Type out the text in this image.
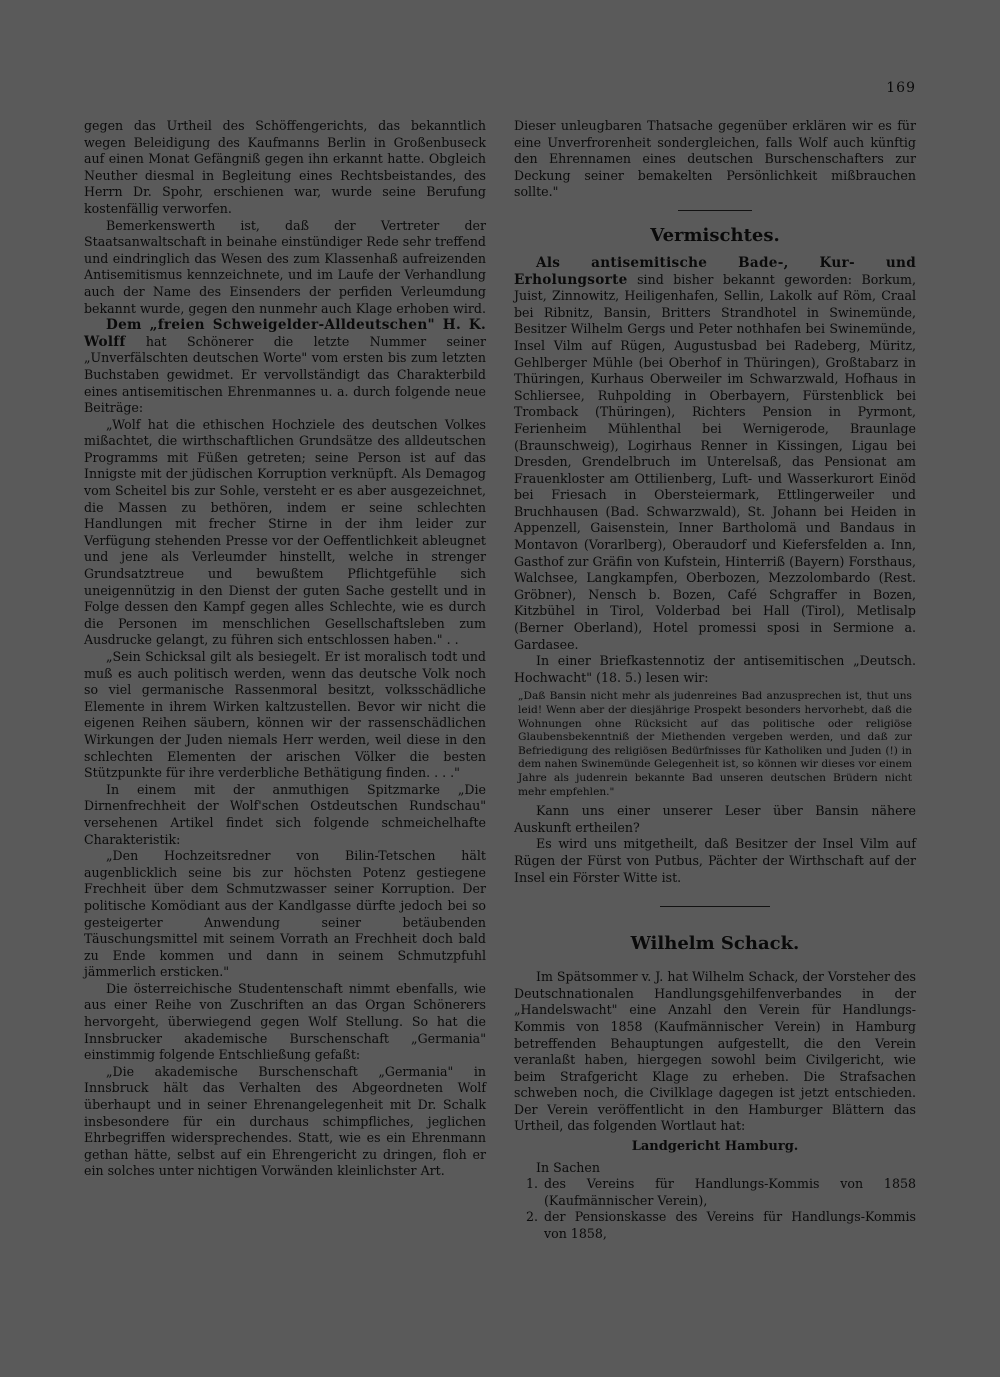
169

gegen das Urtheil des Schöffengerichts, das bekanntlich wegen Beleidigung des Kaufmanns Berlin in Großenbuseck auf einen Monat Gefängniß gegen ihn erkannt hatte. Obgleich Neuther diesmal in Begleitung eines Rechtsbeistandes, des Herrn Dr. Spohr, erschienen war, wurde seine Berufung kostenfällig verworfen.

Bemerkenswerth ist, daß der Vertreter der Staatsanwaltschaft in beinahe einstündiger Rede sehr treffend und eindringlich das Wesen des zum Klassenhaß aufreizenden Antisemitismus kennzeichnete, und im Laufe der Verhandlung auch der Name des Einsenders der perfiden Verleumdung bekannt wurde, gegen den nunmehr auch Klage erhoben wird.

Dem „freien Schweigelder-Alldeutschen" H. K. Wolff hat Schönerer die letzte Nummer seiner „Unverfälschten deutschen Worte" vom ersten bis zum letzten Buchstaben gewidmet. Er vervollständigt das Charakterbild eines antisemitischen Ehrenmannes u. a. durch folgende neue Beiträge:

„Wolf hat die ethischen Hochziele des deutschen Volkes mißachtet, die wirthschaftlichen Grundsätze des alldeutschen Programms mit Füßen getreten; seine Person ist auf das Innigste mit der jüdischen Korruption verknüpft. Als Demagog vom Scheitel bis zur Sohle, versteht er es aber ausgezeichnet, die Massen zu bethören, indem er seine schlechten Handlungen mit frecher Stirne in der ihm leider zur Verfügung stehenden Presse vor der Oeffentlichkeit ableugnet und jene als Verleumder hinstellt, welche in strenger Grundsatztreue und bewußtem Pflichtgefühle sich uneigennützig in den Dienst der guten Sache gestellt und in Folge dessen den Kampf gegen alles Schlechte, wie es durch die Personen im menschlichen Gesellschaftsleben zum Ausdrucke gelangt, zu führen sich entschlossen haben." . .

„Sein Schicksal gilt als besiegelt. Er ist moralisch todt und muß es auch politisch werden, wenn das deutsche Volk noch so viel germanische Rassenmoral besitzt, volksschädliche Elemente in ihrem Wirken kaltzustellen. Bevor wir nicht die eigenen Reihen säubern, können wir der rassenschädlichen Wirkungen der Juden niemals Herr werden, weil diese in den schlechten Elementen der arischen Völker die besten Stützpunkte für ihre verderbliche Bethätigung finden. . . ."

In einem mit der anmuthigen Spitzmarke „Die Dirnenfrechheit der Wolf'schen Ostdeutschen Rundschau" versehenen Artikel findet sich folgende schmeichelhafte Charakteristik:

„Den Hochzeitsredner von Bilin-Tetschen hält augenblicklich seine bis zur höchsten Potenz gestiegene Frechheit über dem Schmutzwasser seiner Korruption. Der politische Komödiant aus der Kandlgasse dürfte jedoch bei so gesteigerter Anwendung seiner betäubenden Täuschungsmittel mit seinem Vorrath an Frechheit doch bald zu Ende kommen und dann in seinem Schmutzpfuhl jämmerlich ersticken."

Die österreichische Studentenschaft nimmt ebenfalls, wie aus einer Reihe von Zuschriften an das Organ Schönerers hervorgeht, überwiegend gegen Wolf Stellung. So hat die Innsbrucker akademische Burschenschaft „Germania" einstimmig folgende Entschließung gefaßt:

„Die akademische Burschenschaft „Germania" in Innsbruck hält das Verhalten des Abgeordneten Wolf überhaupt und in seiner Ehrenangelegenheit mit Dr. Schalk insbesondere für ein durchaus schimpfliches, jeglichen Ehrbegriffen widersprechendes. Statt, wie es ein Ehrenmann gethan hätte, selbst auf ein Ehrengericht zu dringen, floh er ein solches unter nichtigen Vorwänden kleinlichster Art.

Dieser unleugbaren Thatsache gegenüber erklären wir es für eine Unverfrorenheit sondergleichen, falls Wolf auch künftig den Ehrennamen eines deutschen Burschenschafters zur Deckung seiner bemakelten Persönlichkeit mißbrauchen sollte."

Vermischtes.

Als antisemitische Bade-, Kur- und Erholungsorte sind bisher bekannt geworden: Borkum, Juist, Zinnowitz, Heiligenhafen, Sellin, Lakolk auf Röm, Craal bei Ribnitz, Bansin, Britters Strandhotel in Swinemünde, Besitzer Wilhelm Gergs und Peter nothhafen bei Swinemünde, Insel Vilm auf Rügen, Augustusbad bei Radeberg, Müritz, Gehlberger Mühle (bei Oberhof in Thüringen), Großtabarz in Thüringen, Kurhaus Oberweiler im Schwarzwald, Hofhaus in Schliersee, Ruhpolding in Oberbayern, Fürstenblick bei Tromback (Thüringen), Richters Pension in Pyrmont, Ferienheim Mühlenthal bei Wernigerode, Braunlage (Braunschweig), Logirhaus Renner in Kissingen, Ligau bei Dresden, Grendelbruch im Unterelsaß, das Pensionat am Frauenkloster am Ottilienberg, Luft- und Wasserkurort Einöd bei Friesach in Obersteiermark, Ettlingerweiler und Bruchhausen (Bad. Schwarzwald), St. Johann bei Heiden in Appenzell, Gaisenstein, Inner Bartholomä und Bandaus in Montavon (Vorarlberg), Oberaudorf und Kiefersfelden a. Inn, Gasthof zur Gräfin von Kufstein, Hinterriß (Bayern) Forsthaus, Walchsee, Langkampfen, Oberbozen, Mezzolombardo (Rest. Gröbner), Nensch b. Bozen, Café Schgraffer in Bozen, Kitzbühel in Tirol, Volderbad bei Hall (Tirol), Metlisalp (Berner Oberland), Hotel promessi sposi in Sermione a. Gardasee.

In einer Briefkastennotiz der antisemitischen „Deutsch. Hochwacht" (18. 5.) lesen wir:

„Daß Bansin nicht mehr als judenreines Bad anzusprechen ist, thut uns leid! Wenn aber der diesjährige Prospekt besonders hervorhebt, daß die Wohnungen ohne Rücksicht auf das politische oder religiöse Glaubensbekenntniß der Miethenden vergeben werden, und daß zur Befriedigung des religiösen Bedürfnisses für Katholiken und Juden (!) in dem nahen Swinemünde Gelegenheit ist, so können wir dieses vor einem Jahre als judenrein bekannte Bad unseren deutschen Brüdern nicht mehr empfehlen."

Kann uns einer unserer Leser über Bansin nähere Auskunft ertheilen?

Es wird uns mitgetheilt, daß Besitzer der Insel Vilm auf Rügen der Fürst von Putbus, Pächter der Wirthschaft auf der Insel ein Förster Witte ist.

Wilhelm Schack.

Im Spätsommer v. J. hat Wilhelm Schack, der Vorsteher des Deutschnationalen Handlungsgehilfenverbandes in der „Handelswacht" eine Anzahl den Verein für Handlungs-Kommis von 1858 (Kaufmännischer Verein) in Hamburg betreffenden Behauptungen aufgestellt, die den Verein veranlaßt haben, hiergegen sowohl beim Civilgericht, wie beim Strafgericht Klage zu erheben. Die Strafsachen schweben noch, die Civilklage dagegen ist jetzt entschieden. Der Verein veröffentlicht in den Hamburger Blättern das Urtheil, das folgenden Wortlaut hat:

Landgericht Hamburg.

In Sachen

1. des Vereins für Handlungs-Kommis von 1858 (Kaufmännischer Verein),
2. der Pensionskasse des Vereins für Handlungs-Kommis von 1858,
